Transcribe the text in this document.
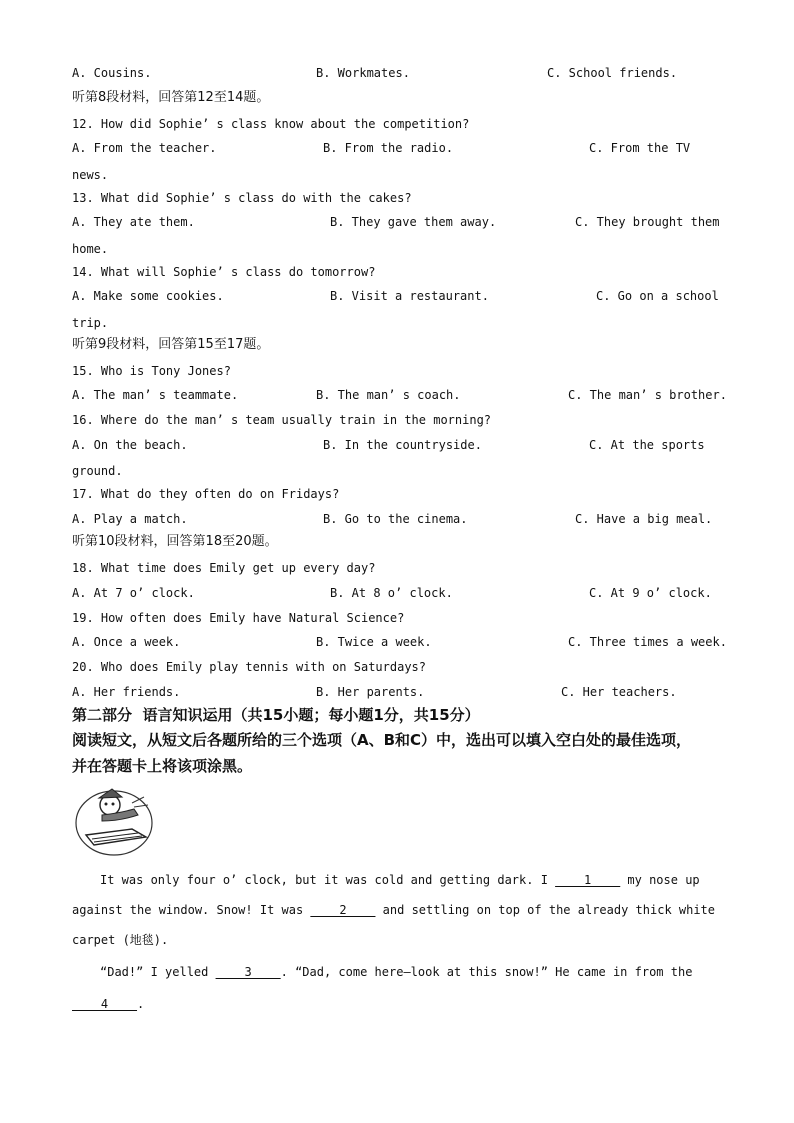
A. Cousins.	B. Workmates.	C. School friends.
听第8段材料，回答第12至14题。
12. How did Sophie’ s class know about the competition?
A. From the teacher.	B. From the radio.	C. From the TV
news.
13. What did Sophie’ s class do with the cakes?
A. They ate them.	B. They gave them away.	C. They brought them
home.
14. What will Sophie’ s class do tomorrow?
A. Make some cookies.	B. Visit a restaurant.	C. Go on a school
trip.
听第9段材料，回答第15至17题。
15. Who is Tony Jones?
A. The man’ s teammate.	B. The man’ s coach.	C. The man’ s brother.
16. Where do the man’ s team usually train in the morning?
A. On the beach.	B. In the countryside.	C. At the sports
ground.
17. What do they often do on Fridays?
A. Play a match.	B. Go to the cinema.	C. Have a big meal.
听第10段材料，回答第18至20题。
18. What time does Emily get up every day?
A. At 7 o’ clock.	B. At 8 o’ clock.	C. At 9 o’ clock.
19. How often does Emily have Natural Science?
A. Once a week.	B. Twice a week.	C. Three times a week.
20. Who does Emily play tennis with on Saturdays?
A. Her friends.	B. Her parents.	C. Her teachers.
第二部分  语言知识运用（共15小题；每小题1分，共15分）
阅读短文，从短文后各题所给的三个选项（A、B和C）中，选出可以填入空白处的最佳选项，
并在答题卡上将该项涂黑。
It was only four o’ clock, but it was cold and getting dark. I ____1____ my nose up
against the window. Snow! It was ____2____ and settling on top of the already thick white
carpet (地毯).
“Dad!” I yelled ____3____. “Dad, come here—look at this snow!” He came in from the
____4____.
